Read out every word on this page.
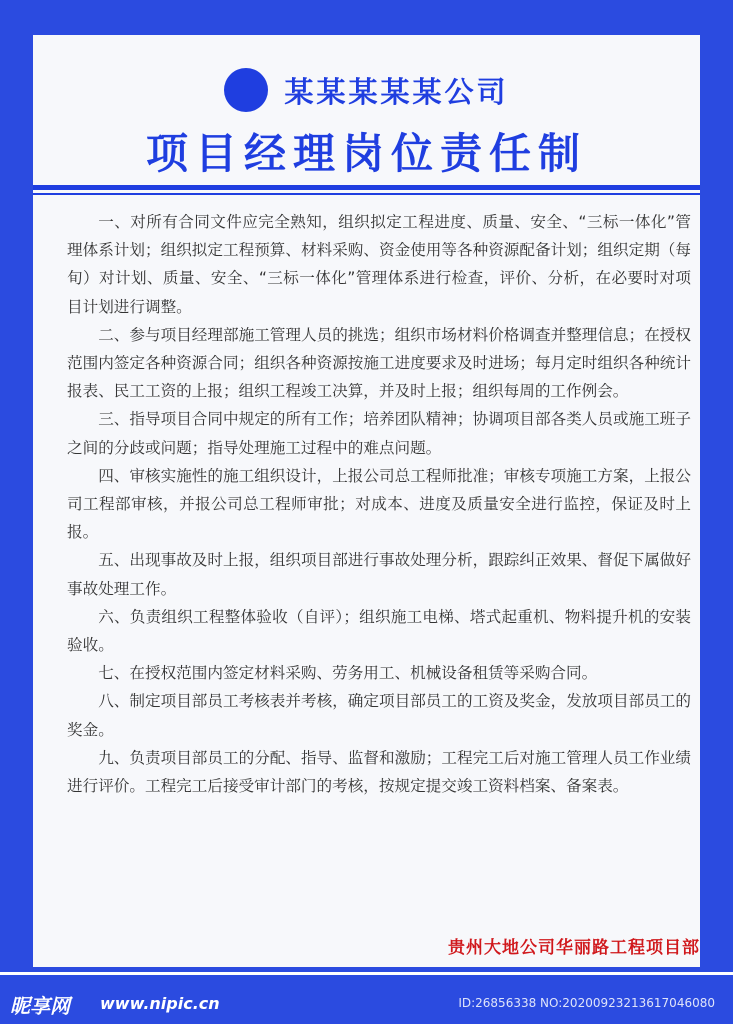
某某某某某公司
项目经理岗位责任制

一、对所有合同文件应完全熟知，组织拟定工程进度、质量、安全、“三标一体化”管理体系计划；组织拟定工程预算、材料采购、资金使用等各种资源配备计划；组织定期（每旬）对计划、质量、安全、“三标一体化”管理体系进行检查，评价、分析，在必要时对项目计划进行调整。

二、参与项目经理部施工管理人员的挑选；组织市场材料价格调查并整理信息；在授权范围内签定各种资源合同；组织各种资源按施工进度要求及时进场；每月定时组织各种统计报表、民工工资的上报；组织工程竣工决算，并及时上报；组织每周的工作例会。

三、指导项目合同中规定的所有工作；培养团队精神；协调项目部各类人员或施工班子之间的分歧或问题；指导处理施工过程中的难点问题。

四、审核实施性的施工组织设计，上报公司总工程师批准；审核专项施工方案，上报公司工程部审核，并报公司总工程师审批；对成本、进度及质量安全进行监控，保证及时上报。

五、出现事故及时上报，组织项目部进行事故处理分析，跟踪纠正效果、督促下属做好事故处理工作。

六、负责组织工程整体验收（自评）；组织施工电梯、塔式起重机、物料提升机的安装验收。

七、在授权范围内签定材料采购、劳务用工、机械设备租赁等采购合同。

八、制定项目部员工考核表并考核，确定项目部员工的工资及奖金，发放项目部员工的奖金。

九、负责项目部员工的分配、指导、监督和激励；工程完工后对施工管理人员工作业绩进行评价。工程完工后接受审计部门的考核，按规定提交竣工资料档案、备案表。

贵州大地公司华丽路工程项目部
昵享网 www.nipic.cn	ID:26856338 NO:20200923213617046080
